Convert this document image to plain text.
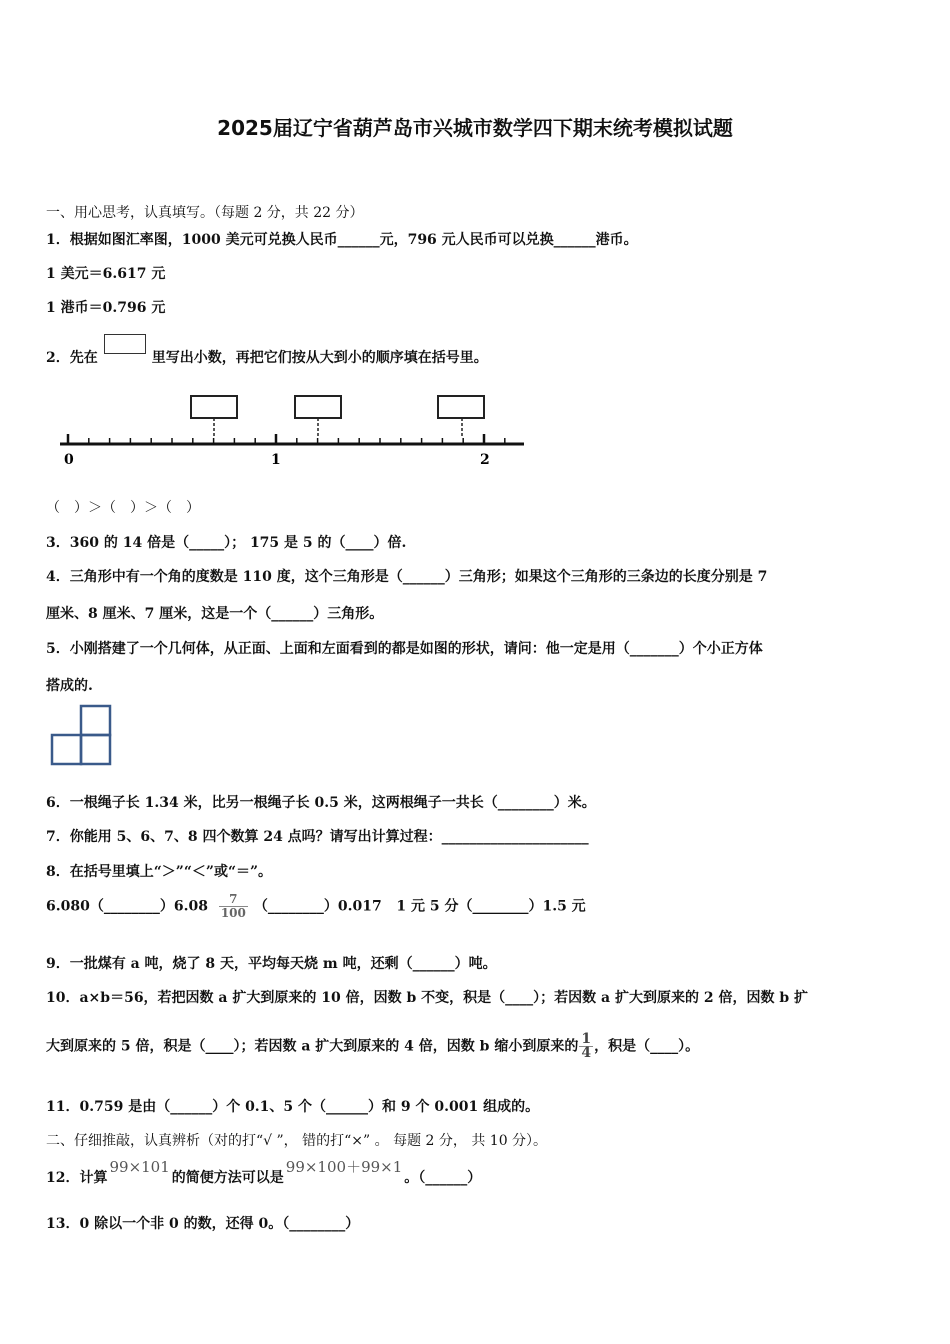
2025届辽宁省葫芦岛市兴城市数学四下期末统考模拟试题
一、用心思考，认真填写。（每题 2 分，共 22 分）
1．根据如图汇率图，1000 美元可兑换人民币______元，796 元人民币可以兑换______港币。
1 美元＝6.617 元
1 港币＝0.796 元
2．先在	里写出小数，再把它们按从大到小的顺序填在括号里。
0	1	2
（　）＞（　）＞（　）
3．360 的 14 倍是（_____）； 175 是 5 的（____）倍.
4．三角形中有一个角的度数是 110 度，这个三角形是（______）三角形；如果这个三角形的三条边的长度分别是 7
厘米、8 厘米、7 厘米，这是一个（______）三角形。
5．小刚搭建了一个几何体，从正面、上面和左面看到的都是如图的形状，请问：他一定是用（_______）个小正方体
搭成的.
6．一根绳子长 1.34 米，比另一根绳子长 0.5 米，这两根绳子一共长（________）米。
7．你能用 5、6、7、8 四个数算 24 点吗？请写出计算过程：_____________________
8．在括号里填上“＞”“＜”或“＝”。
6.080（________）6.08 $\frac{7}{100}$ （________）0.017 1 元 5 分（________）1.5 元
9．一批煤有 a 吨，烧了 8 天，平均每天烧 m 吨，还剩（______）吨。
10．a×b＝56，若把因数 a 扩大到原来的 10 倍，因数 b 不变，积是（____）；若因数 a 扩大到原来的 2 倍，因数 b 扩
大到原来的 5 倍，积是（____）；若因数 a 扩大到原来的 4 倍，因数 b 缩小到原来的 $\frac{1}{4}$ ，积是（____）。
11．0.759 是由（______）个 0.1、5 个（______）和 9 个 0.001 组成的。
二、仔细推敲，认真辨析（对的打“√ ”， 错的打“×” 。 每题 2 分， 共 10 分）。
12．计算99×101的简便方法可以是99×100＋99×1。（______）
13．0 除以一个非 0 的数，还得 0。（________）
